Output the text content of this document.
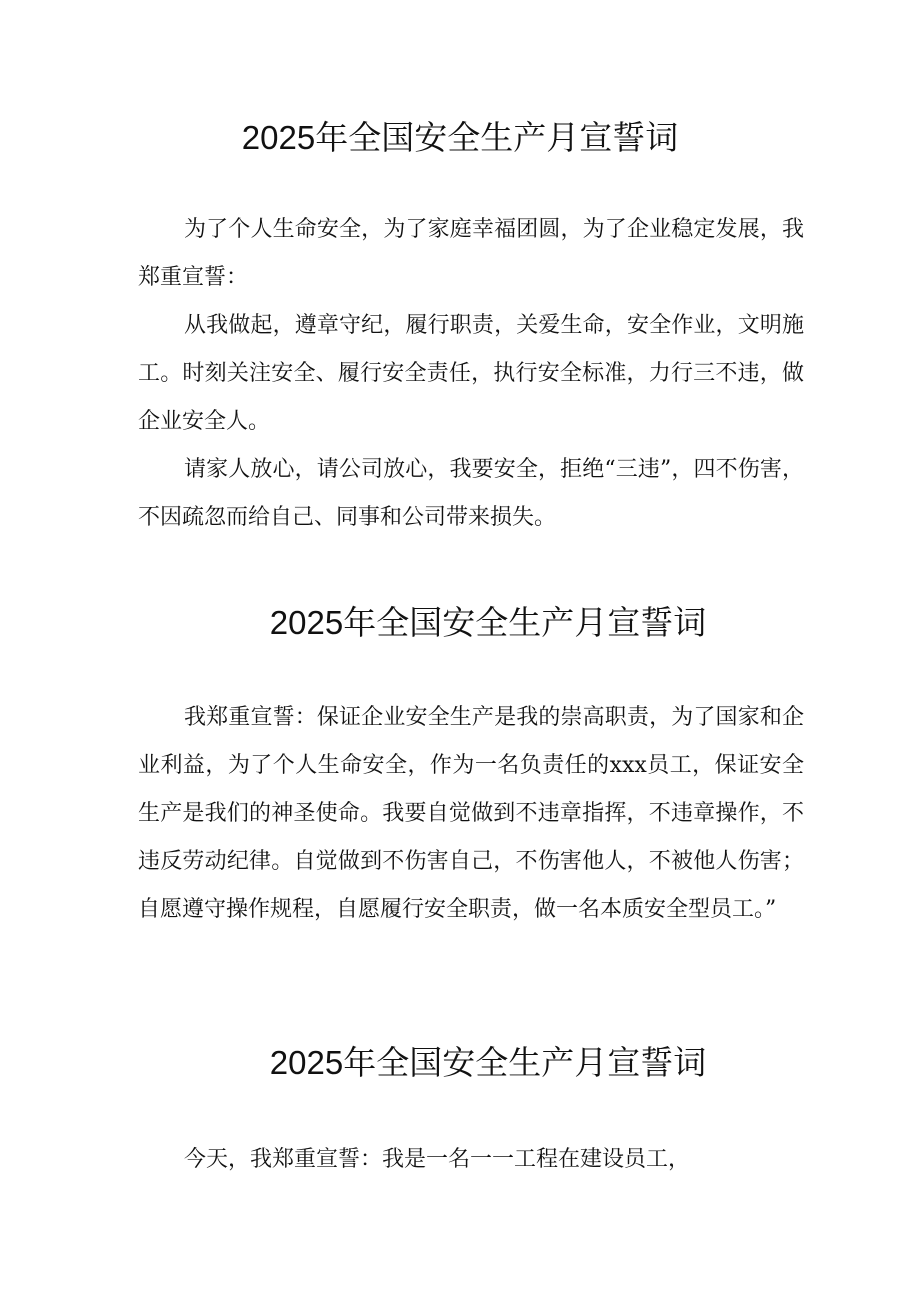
2025年全国安全生产月宣誓词

为了个人生命安全，为了家庭幸福团圆，为了企业稳定发展，我郑重宣誓：

从我做起，遵章守纪，履行职责，关爱生命，安全作业，文明施工。时刻关注安全、履行安全责任，执行安全标准，力行三不违，做企业安全人。

请家人放心，请公司放心，我要安全，拒绝“三违”，四不伤害，不因疏忽而给自己、同事和公司带来损失。

2025年全国安全生产月宣誓词

我郑重宣誓：保证企业安全生产是我的崇高职责，为了国家和企业利益，为了个人生命安全，作为一名负责任的xxx员工，保证安全生产是我们的神圣使命。我要自觉做到不违章指挥，不违章操作，不违反劳动纪律。自觉做到不伤害自己，不伤害他人，不被他人伤害；自愿遵守操作规程，自愿履行安全职责，做一名本质安全型员工。”

2025年全国安全生产月宣誓词

今天，我郑重宣誓：我是一名一一工程在建设员工，
